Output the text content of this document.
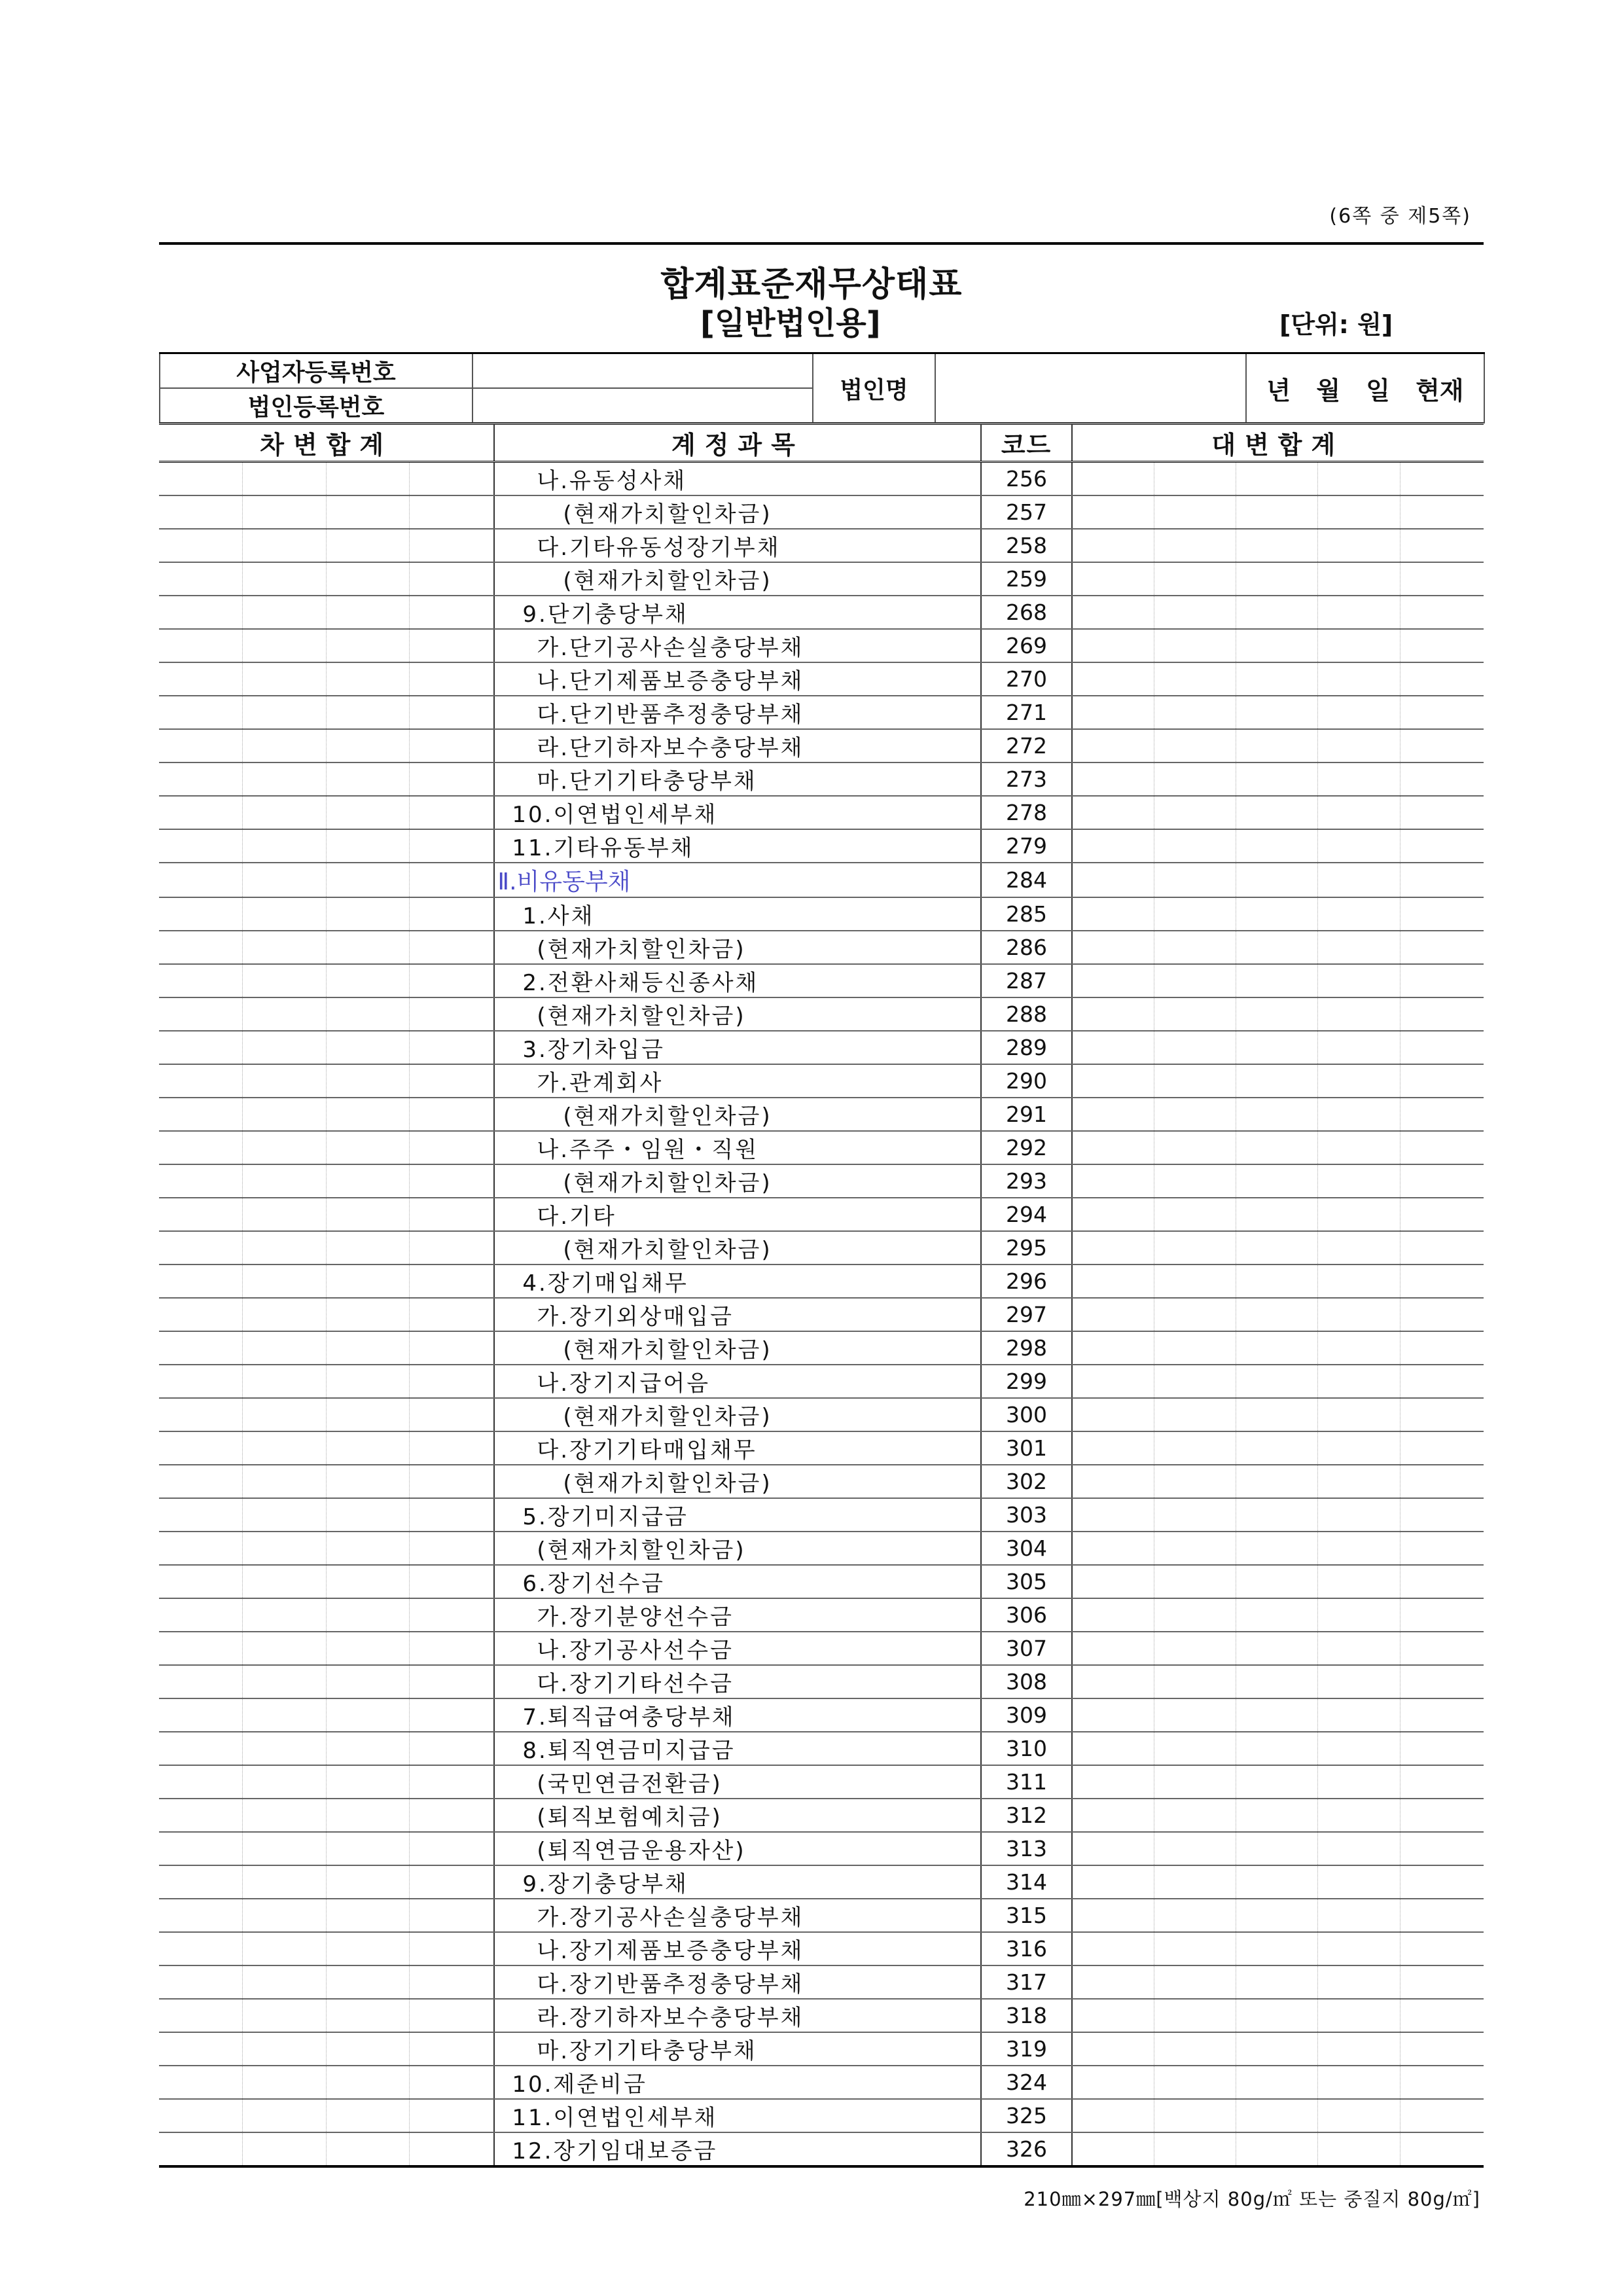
(6쪽 중 제5쪽)
합계표준재무상태표
[일반법인용]	[단위: 원]
사업자등록번호		법인명		년 월 일 현재
법인등록번호				
차변합계				계정과목	코드	대변합계				
				나.유동성사채	256					
				(현재가치할인차금)	257					
				다.기타유동성장기부채	258					
				(현재가치할인차금)	259					
				9.단기충당부채	268					
				가.단기공사손실충당부채	269					
				나.단기제품보증충당부채	270					
				다.단기반품추정충당부채	271					
				라.단기하자보수충당부채	272					
				마.단기기타충당부채	273					
				10.이연법인세부채	278					
				11.기타유동부채	279					
				Ⅱ.비유동부채	284					
				1.사채	285					
				(현재가치할인차금)	286					
				2.전환사채등신종사채	287					
				(현재가치할인차금)	288					
				3.장기차입금	289					
				가.관계회사	290					
				(현재가치할인차금)	291					
				나.주주・임원・직원	292					
				(현재가치할인차금)	293					
				다.기타	294					
				(현재가치할인차금)	295					
				4.장기매입채무	296					
				가.장기외상매입금	297					
				(현재가치할인차금)	298					
				나.장기지급어음	299					
				(현재가치할인차금)	300					
				다.장기기타매입채무	301					
				(현재가치할인차금)	302					
				5.장기미지급금	303					
				(현재가치할인차금)	304					
				6.장기선수금	305					
				가.장기분양선수금	306					
				나.장기공사선수금	307					
				다.장기기타선수금	308					
				7.퇴직급여충당부채	309					
				8.퇴직연금미지급금	310					
				(국민연금전환금)	311					
				(퇴직보험예치금)	312					
				(퇴직연금운용자산)	313					
				9.장기충당부채	314					
				가.장기공사손실충당부채	315					
				나.장기제품보증충당부채	316					
				다.장기반품추정충당부채	317					
				라.장기하자보수충당부채	318					
				마.장기기타충당부채	319					
				10.제준비금	324					
				11.이연법인세부채	325					
				12.장기임대보증금	326					
210㎜×297㎜[백상지 80g/㎡ 또는 중질지 80g/㎡]
